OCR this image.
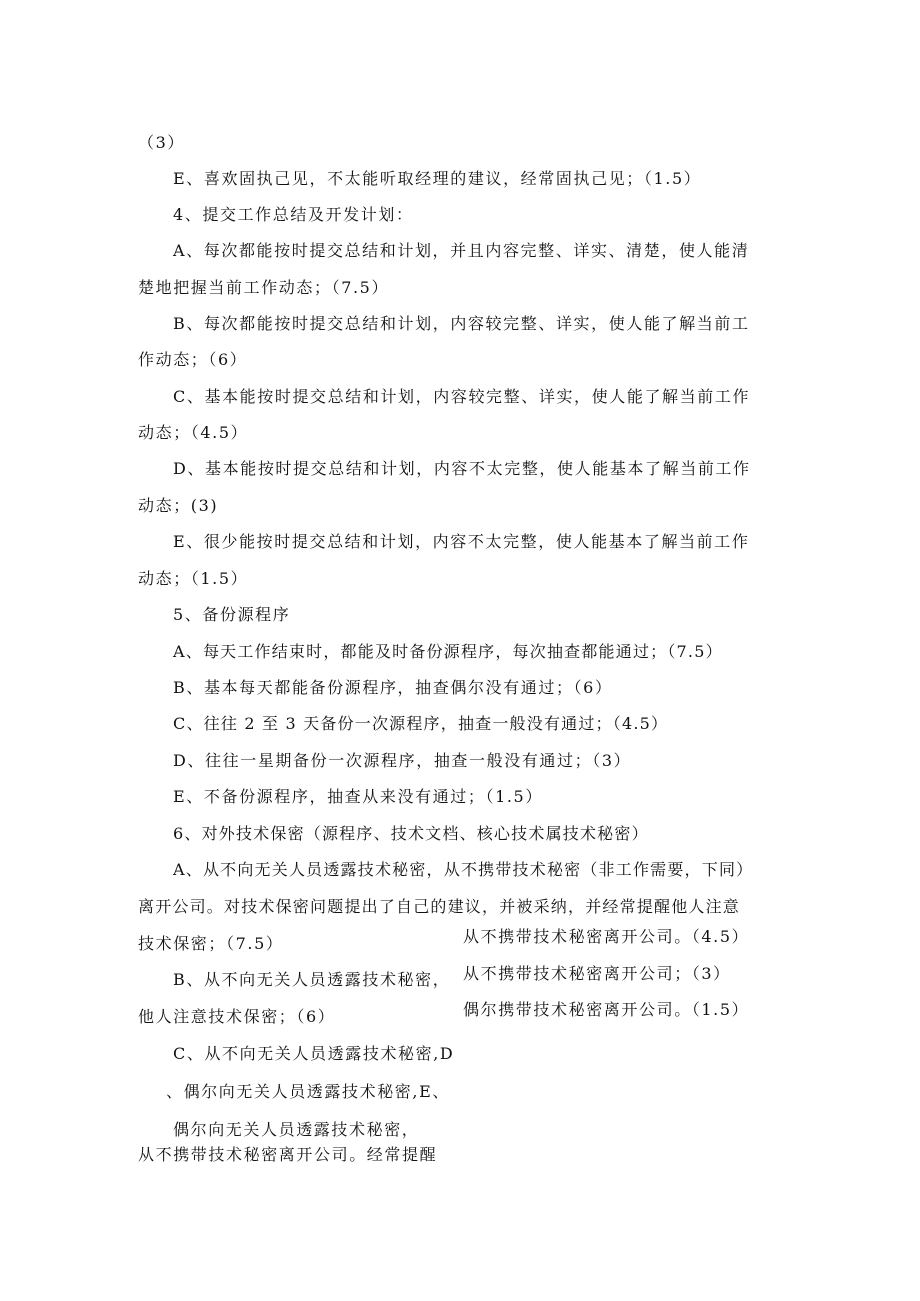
（3）
E、喜欢固执己见，不太能听取经理的建议，经常固执己见；（1.5）
4、提交工作总结及开发计划：
A、每次都能按时提交总结和计划，并且内容完整、详实、清楚，使人能清
楚地把握当前工作动态；（7.5）
B、每次都能按时提交总结和计划，内容较完整、详实，使人能了解当前工
作动态；（6）
C、基本能按时提交总结和计划，内容较完整、详实，使人能了解当前工作
动态；（4.5）
D、基本能按时提交总结和计划，内容不太完整，使人能基本了解当前工作
动态；(3)
E、很少能按时提交总结和计划，内容不太完整，使人能基本了解当前工作
动态；（1.5）
5、备份源程序
A、每天工作结束时，都能及时备份源程序，每次抽查都能通过；（7.5）
B、基本每天都能备份源程序，抽查偶尔没有通过；（6）
C、往往 2 至 3 天备份一次源程序，抽查一般没有通过；（4.5）
D、往往一星期备份一次源程序，抽查一般没有通过；（3）
E、不备份源程序，抽查从来没有通过；（1.5）
6、对外技术保密（源程序、技术文档、核心技术属技术秘密）
A、从不向无关人员透露技术秘密，从不携带技术秘密（非工作需要，下同）
离开公司。对技术保密问题提出了自己的建议，并被采纳，并经常提醒他人注意
技术保密；（7.5）	从不携带技术秘密离开公司。（4.5）
B、从不向无关人员透露技术秘密， 从不携带技术秘密离开公司；（3）
他人注意技术保密；（6）	偶尔携带技术秘密离开公司。（1.5）
C、从不向无关人员透露技术秘密,D
、偶尔向无关人员透露技术秘密,E、
偶尔向无关人员透露技术秘密，
从不携带技术秘密离开公司。经常提醒
